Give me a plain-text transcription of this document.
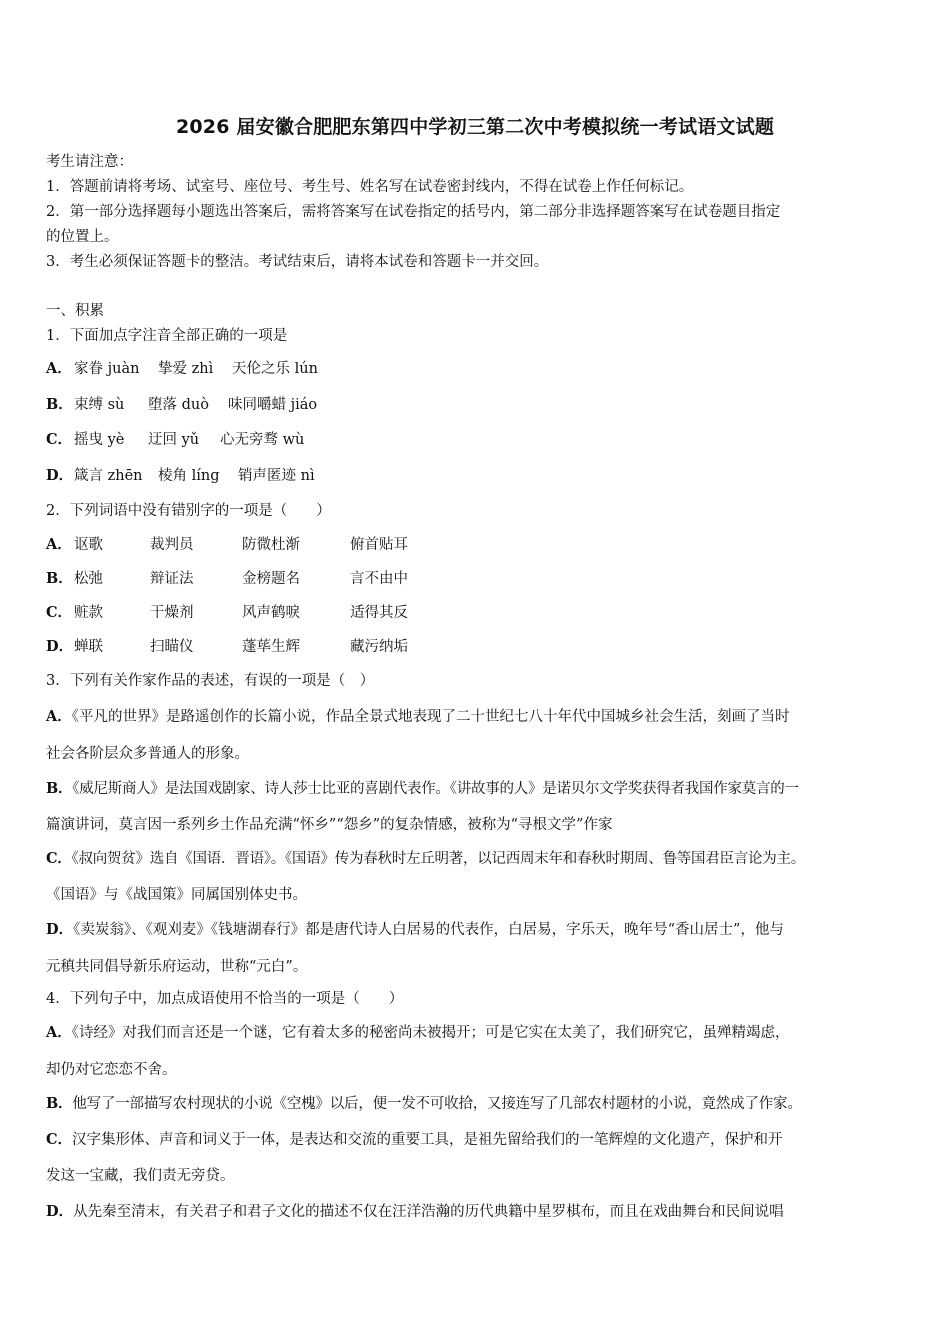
2026 届安徽合肥肥东第四中学初三第二次中考模拟统一考试语文试题
考生请注意：
1．答题前请将考场、试室号、座位号、考生号、姓名写在试卷密封线内，不得在试卷上作任何标记。
2．第一部分选择题每小题选出答案后，需将答案写在试卷指定的括号内，第二部分非选择题答案写在试卷题目指定
的位置上。
3．考生必须保证答题卡的整洁。考试结束后，请将本试卷和答题卡一并交回。
一、积累
1．下面加点字注音全部正确的一项是
A． 家眷 juàn 挚爱 zhì 天伦之乐 lún
B． 束缚 sù 堕落 duò 味同嚼蜡 jiáo
C． 摇曳 yè 迂回 yǔ 心无旁骛 wù
D． 箴言 zhēn 棱角 líng 销声匿迹 nì
2．下列词语中没有错别字的一项是（　　）
A． 讴歌	裁判员	防微杜渐	俯首贴耳
B． 松弛	辩证法	金榜题名	言不由中
C． 赃款	干燥剂	风声鹤唳	适得其反
D． 蝉联	扫瞄仪	蓬荜生辉	藏污纳垢
3．下列有关作家作品的表述，有误的一项是（　）
A．《平凡的世界》是路遥创作的长篇小说，作品全景式地表现了二十世纪七八十年代中国城乡社会生活，刻画了当时
社会各阶层众多普通人的形象。
B．《威尼斯商人》是法国戏剧家、诗人莎士比亚的喜剧代表作。《讲故事的人》是诺贝尔文学奖获得者我国作家莫言的一
篇演讲词，莫言因一系列乡土作品充满“怀乡”“怨乡”的复杂情感，被称为“寻根文学”作家
C．《叔向贺贫》选自《国语．晋语》。《国语》传为春秋时左丘明著，以记西周末年和春秋时期周、鲁等国君臣言论为主。
《国语》与《战国策》同属国别体史书。
D．《卖炭翁》、《观刈麦》《钱塘湖春行》都是唐代诗人白居易的代表作，白居易，字乐天，晚年号“香山居士”，他与
元稹共同倡导新乐府运动，世称“元白”。
4．下列句子中，加点成语使用不恰当的一项是（　　）
A．《诗经》对我们而言还是一个谜，它有着太多的秘密尚未被揭开；可是它实在太美了，我们研究它，虽殚精竭虑，
却仍对它恋恋不舍。
B．他写了一部描写农村现状的小说《空槐》以后，便一发不可收拾，又接连写了几部农村题材的小说，竟然成了作家。
C．汉字集形体、声音和词义于一体，是表达和交流的重要工具，是祖先留给我们的一笔辉煌的文化遗产，保护和开
发这一宝藏，我们责无旁贷。
D．从先秦至清末，有关君子和君子文化的描述不仅在汪洋浩瀚的历代典籍中星罗棋布，而且在戏曲舞台和民间说唱
